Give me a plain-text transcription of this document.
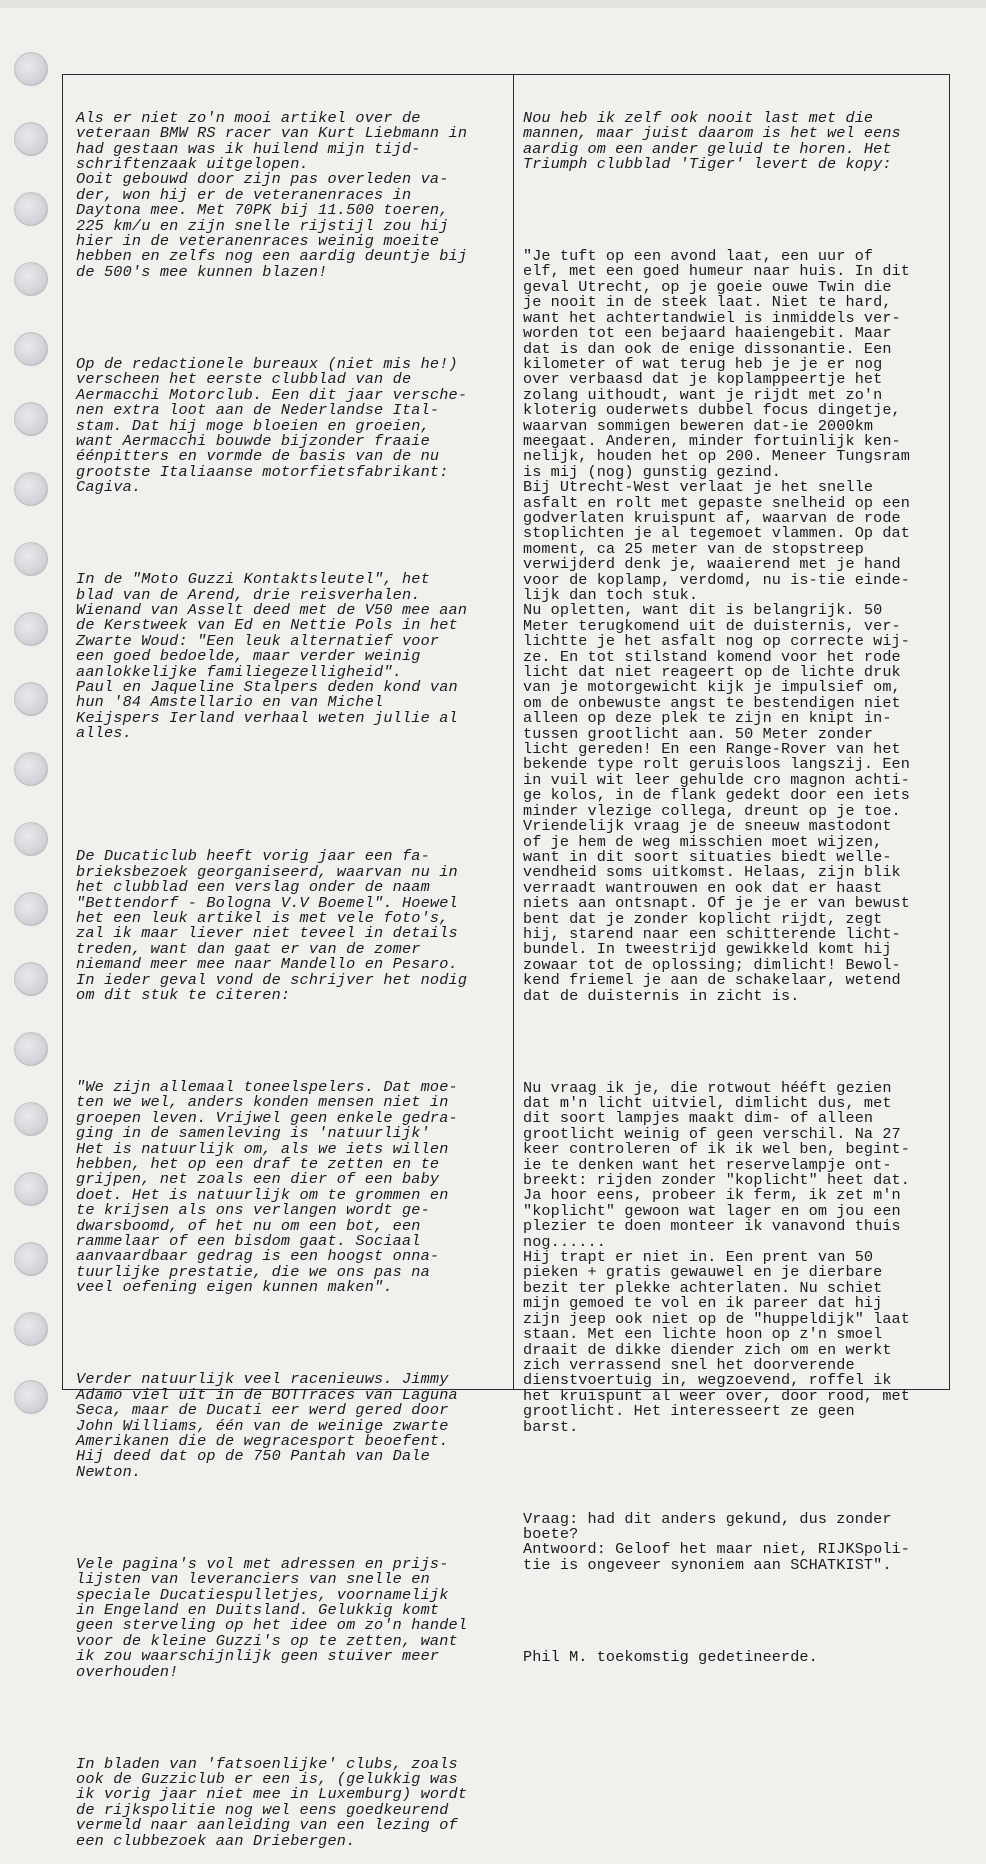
Als er niet zo'n mooi artikel over de
veteraan BMW RS racer van Kurt Liebmann in
had gestaan was ik huilend mijn tijd-
schriftenzaak uitgelopen.
Ooit gebouwd door zijn pas overleden va-
der, won hij er de veteranenraces in
Daytona mee. Met 70PK bij 11.500 toeren,
225 km/u en zijn snelle rijstijl zou hij
hier in de veteranenraces weinig moeite
hebben en zelfs nog een aardig deuntje bij
de 500's mee kunnen blazen!

Op de redactionele bureaux (niet mis he!)
verscheen het eerste clubblad van de
Aermacchi Motorclub. Een dit jaar versche-
nen extra loot aan de Nederlandse Ital-
stam. Dat hij moge bloeien en groeien,
want Aermacchi bouwde bijzonder fraaie
éénpitters en vormde de basis van de nu
grootste Italiaanse motorfietsfabrikant:
Cagiva.

In de "Moto Guzzi Kontaktsleutel", het
blad van de Arend, drie reisverhalen.
Wienand van Asselt deed met de V50 mee aan
de Kerstweek van Ed en Nettie Pols in het
Zwarte Woud: "Een leuk alternatief voor
een goed bedoelde, maar verder weinig
aanlokkelijke familiegezelligheid".
Paul en Jaqueline Stalpers deden kond van
hun '84 Amstellario en van Michel
Keijspers Ierland verhaal weten jullie al
alles.

De Ducaticlub heeft vorig jaar een fa-
brieksbezoek georganiseerd, waarvan nu in
het clubblad een verslag onder de naam
"Bettendorf - Bologna V.V Boemel". Hoewel
het een leuk artikel is met vele foto's,
zal ik maar liever niet teveel in details
treden, want dan gaat er van de zomer
niemand meer mee naar Mandello en Pesaro.
In ieder geval vond de schrijver het nodig
om dit stuk te citeren:

"We zijn allemaal toneelspelers. Dat moe-
ten we wel, anders konden mensen niet in
groepen leven. Vrijwel geen enkele gedra-
ging in de samenleving is 'natuurlijk'
Het is natuurlijk om, als we iets willen
hebben, het op een draf te zetten en te
grijpen, net zoals een dier of een baby
doet. Het is natuurlijk om te grommen en
te krijsen als ons verlangen wordt ge-
dwarsboomd, of het nu om een bot, een
rammelaar of een bisdom gaat. Sociaal
aanvaardbaar gedrag is een hoogst onna-
tuurlijke prestatie, die we ons pas na
veel oefening eigen kunnen maken".

Verder natuurlijk veel racenieuws. Jimmy
Adamo viel uit in de BOTTraces van Laguna
Seca, maar de Ducati eer werd gered door
John Williams, één van de weinige zwarte
Amerikanen die de wegracesport beoefent.
Hij deed dat op de 750 Pantah van Dale
Newton.

Vele pagina's vol met adressen en prijs-
lijsten van leveranciers van snelle en
speciale Ducatiespulletjes, voornamelijk
in Engeland en Duitsland. Gelukkig komt
geen sterveling op het idee om zo'n handel
voor de kleine Guzzi's op te zetten, want
ik zou waarschijnlijk geen stuiver meer
overhouden!

In bladen van 'fatsoenlijke' clubs, zoals
ook de Guzziclub er een is, (gelukkig was
ik vorig jaar niet mee in Luxemburg) wordt
de rijkspolitie nog wel eens goedkeurend
vermeld naar aanleiding van een lezing of
een clubbezoek aan Driebergen.

Nou heb ik zelf ook nooit last met die
mannen, maar juist daarom is het wel eens
aardig om een ander geluid te horen. Het
Triumph clubblad 'Tiger' levert de kopy:

"Je tuft op een avond laat, een uur of
elf, met een goed humeur naar huis. In dit
geval Utrecht, op je goeie ouwe Twin die
je nooit in de steek laat. Niet te hard,
want het achtertandwiel is inmiddels ver-
worden tot een bejaard haaiengebit. Maar
dat is dan ook de enige dissonantie. Een
kilometer of wat terug heb je je er nog
over verbaasd dat je koplamppeertje het
zolang uithoudt, want je rijdt met zo'n
kloterig ouderwets dubbel focus dingetje,
waarvan sommigen beweren dat-ie 2000km
meegaat. Anderen, minder fortuinlijk ken-
nelijk, houden het op 200. Meneer Tungsram
is mij (nog) gunstig gezind.
Bij Utrecht-West verlaat je het snelle
asfalt en rolt met gepaste snelheid op een
godverlaten kruispunt af, waarvan de rode
stoplichten je al tegemoet vlammen. Op dat
moment, ca 25 meter van de stopstreep
verwijderd denk je, waaierend met je hand
voor de koplamp, verdomd, nu is-tie einde-
lijk dan toch stuk.
Nu opletten, want dit is belangrijk. 50
Meter terugkomend uit de duisternis, ver-
lichtte je het asfalt nog op correcte wij-
ze. En tot stilstand komend voor het rode
licht dat niet reageert op de lichte druk
van je motorgewicht kijk je impulsief om,
om de onbewuste angst te bestendigen niet
alleen op deze plek te zijn en knipt in-
tussen grootlicht aan. 50 Meter zonder
licht gereden! En een Range-Rover van het
bekende type rolt geruisloos langszij. Een
in vuil wit leer gehulde cro magnon achti-
ge kolos, in de flank gedekt door een iets
minder vlezige collega, dreunt op je toe.
Vriendelijk vraag je de sneeuw mastodont
of je hem de weg misschien moet wijzen,
want in dit soort situaties biedt welle-
vendheid soms uitkomst. Helaas, zijn blik
verraadt wantrouwen en ook dat er haast
niets aan ontsnapt. Of je je er van bewust
bent dat je zonder koplicht rijdt, zegt
hij, starend naar een schitterende licht-
bundel. In tweestrijd gewikkeld komt hij
zowaar tot de oplossing; dimlicht! Bewol-
kend friemel je aan de schakelaar, wetend
dat de duisternis in zicht is.

Nu vraag ik je, die rotwout hééft gezien
dat m'n licht uitviel, dimlicht dus, met
dit soort lampjes maakt dim- of alleen
grootlicht weinig of geen verschil. Na 27
keer controleren of ik ik wel ben, begint-
ie te denken want het reservelampje ont-
breekt: rijden zonder "koplicht" heet dat.
Ja hoor eens, probeer ik ferm, ik zet m'n
"koplicht" gewoon wat lager en om jou een
plezier te doen monteer ik vanavond thuis
nog......
Hij trapt er niet in. Een prent van 50
pieken + gratis gewauwel en je dierbare
bezit ter plekke achterlaten. Nu schiet
mijn gemoed te vol en ik pareer dat hij
zijn jeep ook niet op de "huppeldijk" laat
staan. Met een lichte hoon op z'n smoel
draait de dikke diender zich om en werkt
zich verrassend snel het doorverende
dienstvoertuig in, wegzoevend, roffel ik
het kruispunt al weer over, door rood, met
grootlicht. Het interesseert ze geen
barst.

Vraag: had dit anders gekund, dus zonder
boete?
Antwoord: Geloof het maar niet, RIJKSpoli-
tie is ongeveer synoniem aan SCHATKIST".

Phil M. toekomstig gedetineerde.
